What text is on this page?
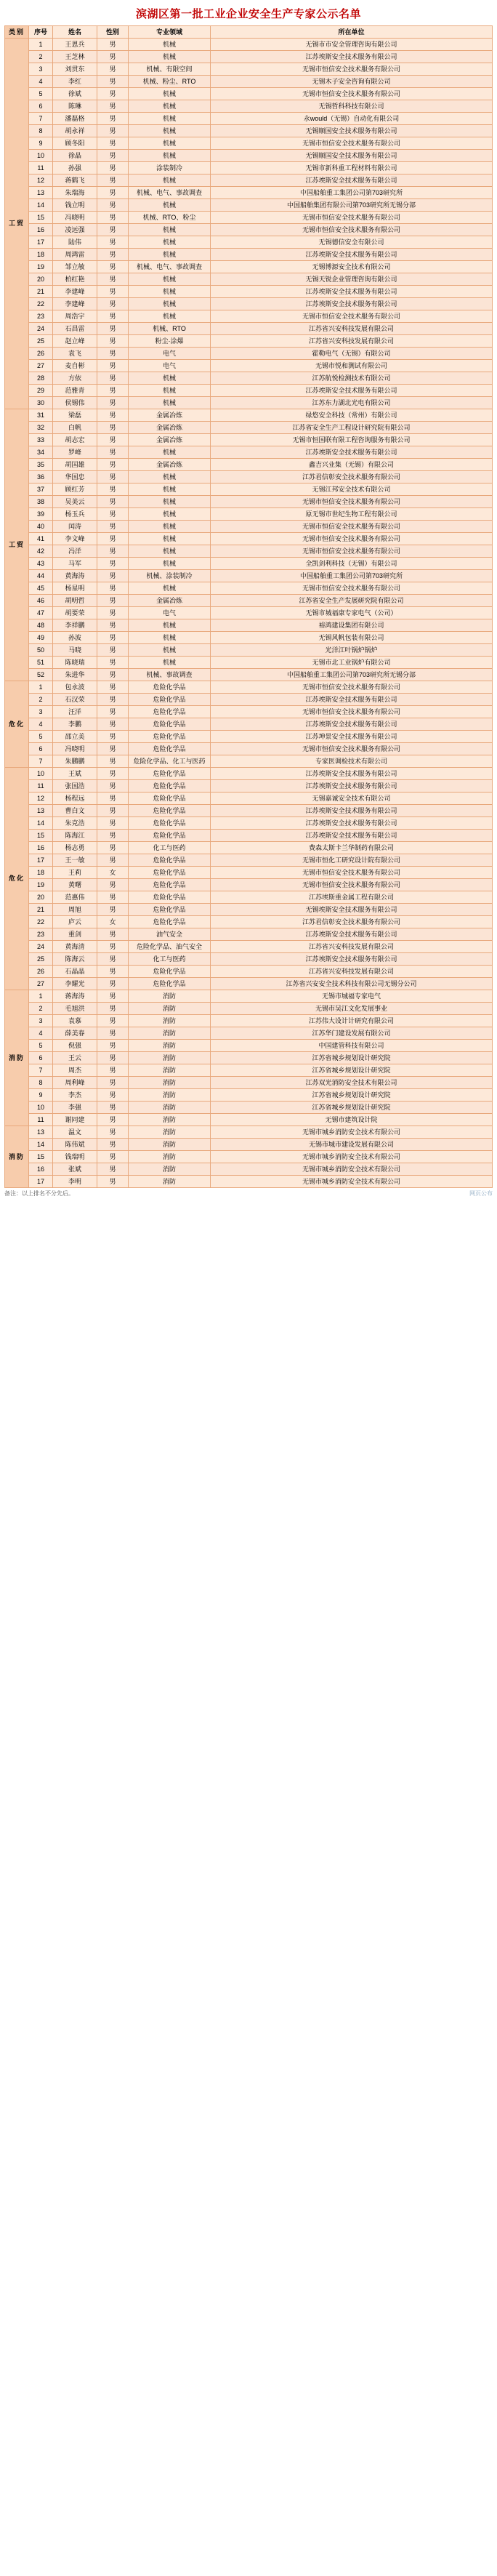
滨湖区第一批工业企业安全生产专家公示名单
类别	序号	姓名	性别	专业领域	所在单位
工贸	1	王恩兵	男	机械	无锡市市安全管理咨询有限公司
	2	王芝林	男	机械	江苏埃斯安全技术服务有限公司
	3	刘贯东	男	机械、有限空间	无锡市恒信安全技术服务有限公司
	4	李红	男	机械、粉尘、RTO	无锡木子安全咨询有限公司
	5	徐斌	男	机械	无锡市恒信安全技术服务有限公司
	6	陈琳	男	机械	无锡哲科科技有限公司
	7	潘磊格	男	机械	永would（无锡）自动化有限公司
	8	胡永祥	男	机械	无锡顺国安全技术服务有限公司
	9	顾冬阳	男	机械	无锡市恒信安全技术服务有限公司
	10	徐晶	男	机械	无锡顺国安全技术服务有限公司
	11	孙强	男	涂装制冷	无锡市新科重工程材料有限公司
	12	蒋鹤飞	男	机械	江苏埃斯安全技术服务有限公司
	13	朱瑞海	男	机械、电气、事故调查	中国船舶重工集团公司第703研究所
	14	钱立明	男	机械	中国船舶集团有限公司第703研究所无锡分部
	15	冯晓明	男	机械、RTO、粉尘	无锡市恒信安全技术服务有限公司
	16	凌远强	男	机械	无锡市恒信安全技术服务有限公司
	17	陆伟	男	机械	无锡德信安全有限公司
	18	周鸿雷	男	机械	江苏埃斯安全技术服务有限公司
	19	邹立敏	男	机械、电气、事故调查	无锡博源安全技术有限公司
	20	柏红艳	男	机械	无锡天锐企业管理咨询有限公司
	21	李建峰	男	机械	江苏埃斯安全技术服务有限公司
	22	李建峰	男	机械	江苏埃斯安全技术服务有限公司
	23	周浩宇	男	机械	无锡市恒信安全技术服务有限公司
	24	石昌雷	男	机械、RTO	江苏省兴安科技发展有限公司
	25	赵立峰	男	粉尘·涂爆	江苏省兴安科技发展有限公司
	26	袁飞	男	电气	霍勒电气（无锡）有限公司
	27	麦自彬	男	电气	无锡市悦和测试有限公司
	28	方依	男	机械	江苏航悦检测技术有限公司
	29	范雅青	男	机械	江苏埃斯安全技术服务有限公司
	30	侯锡伟	男	机械	江苏东力湖北光电有限公司
工贸	31	梁磊	男	金属冶炼	绿悠安全科技（常州）有限公司
	32	白帆	男	金属冶炼	江苏省安全生产工程设计研究院有限公司
	33	胡志宏	男	金属冶炼	无锡市恒国联有限工程咨询服务有限公司
	34	罗峰	男	机械	江苏埃斯安全技术服务有限公司
	35	胡国雄	男	金属冶炼	鑫吉兴业集（无锡）有限公司
	36	华国忠	男	机械	江苏君信彰安全技术服务有限公司
	37	顾红芳	男	机械	无锡江邦安全技术有限公司
	38	吴美云	男	机械	无锡市恒信安全技术服务有限公司
	39	杨玉兵	男	机械	原无锡市世纪生物工程有限公司
	40	闰涛	男	机械	无锡市恒信安全技术服务有限公司
	41	李文峰	男	机械	无锡市恒信安全技术服务有限公司
	42	冯洋	男	机械	无锡市恒信安全技术服务有限公司
	43	马军	男	机械	全凯剑利科技（无锡）有限公司
	44	黄海涛	男	机械、涂装制冷	中国船舶重工集团公司第703研究所
	45	杨星明	男	机械	无锡市恒信安全技术服务有限公司
	46	胡明哲	男	金属冶炼	江苏省安全生产发展研究院有限公司
	47	胡要荣	男	电气	无锡市城福康专家电气（公司）
	48	李祥鹏	男	机械	裕鸿建设集团有限公司
	49	孙波	男	机械	无锡风帆包装有限公司
	50	马晓	男	机械	光洋江叶锅炉锅炉
	51	陈晓瑞	男	机械	无锡市北工业锅炉有限公司
	52	朱进华	男	机械、事故调查	中国船舶重工集团公司第703研究所无锡分部
危化	1	包永波	男	危险化学品	无锡市恒信安全技术服务有限公司
	2	石汉荣	男	危险化学品	江苏埃斯安全技术服务有限公司
	3	汪洋	男	危险化学品	无锡市恒信安全技术服务有限公司
	4	李鹏	男	危险化学品	江苏埃斯安全技术服务有限公司
	5	邵立美	男	危险化学品	江苏坤景安全技术服务有限公司
	6	冯晓明	男	危险化学品	无锡市恒信安全技术服务有限公司
	7	朱鹏鹏	男	危险化学品、化工与医药	专家医调检技术有限公司
危化	10	王斌	男	危险化学品	江苏埃斯安全技术服务有限公司
	11	张国浩	男	危险化学品	江苏埃斯安全技术服务有限公司
	12	杨程远	男	危险化学品	无锡嘉诚安全技术有限公司
	13	曹白文	男	危险化学品	江苏埃斯安全技术服务有限公司
	14	朱克浩	男	危险化学品	江苏埃斯安全技术服务有限公司
	15	陈海江	男	危险化学品	江苏埃斯安全技术服务有限公司
	16	杨志勇	男	化工与医药	费森太斯卡兰华制药有限公司
	17	王一敏	男	危险化学品	无锡市恒化工研究设计院有限公司
	18	王莉	女	危险化学品	无锡市恒信安全技术服务有限公司
	19	黄曙	男	危险化学品	无锡市恒信安全技术服务有限公司
	20	范惠伟	男	危险化学品	江苏埃斯重金属工程有限公司
	21	周旭	男	危险化学品	无锡埃斯安全技术服务有限公司
	22	庐云	女	危险化学品	江苏君信彰安全技术服务有限公司
	23	重剑	男	油气安全	江苏埃斯安全技术服务有限公司
	24	黄海清	男	危险化学品、油气安全	江苏省兴安科技发展有限公司
	25	陈海云	男	化工与医药	江苏埃斯安全技术服务有限公司
	26	石晶晶	男	危险化学品	江苏省兴安科技发展有限公司
	27	李耀光	男	危险化学品	江苏省兴安安全技术科技有限公司无锡分公司
消防	1	蒋海涛	男	消防	无锡市城福专家电气
	2	毛旭洪	男	消防	无锡市吴江文化发展事业
	3	袁慕	男	消防	江苏伟大设计计研究有限公司
	4	薛美春	男	消防	江苏华门建设发展有限公司
	5	倪强	男	消防	中国建管科技有限公司
	6	王云	男	消防	江苏省城乡规划设计研究院
	7	周杰	男	消防	江苏省城乡规划设计研究院
	8	周利峰	男	消防	江苏双光消防安全技术有限公司
	9	李杰	男	消防	江苏省城乡规划设计研究院
	10	李强	男	消防	江苏省城乡规划设计研究院
	11	谢同建	男	消防	无锡市建筑设计院
消防	13	温文	男	消防	无锡市城乡消防安全技术有限公司
	14	陈伟斌	男	消防	无锡市城市建设发展有限公司
	15	钱瑞明	男	消防	无锡市城乡消防安全技术有限公司
	16	张斌	男	消防	无锡市城乡消防安全技术有限公司
	17	李明	男	消防	无锡市城乡消防安全技术有限公司
备注：以上排名不分先后。	网页公布
